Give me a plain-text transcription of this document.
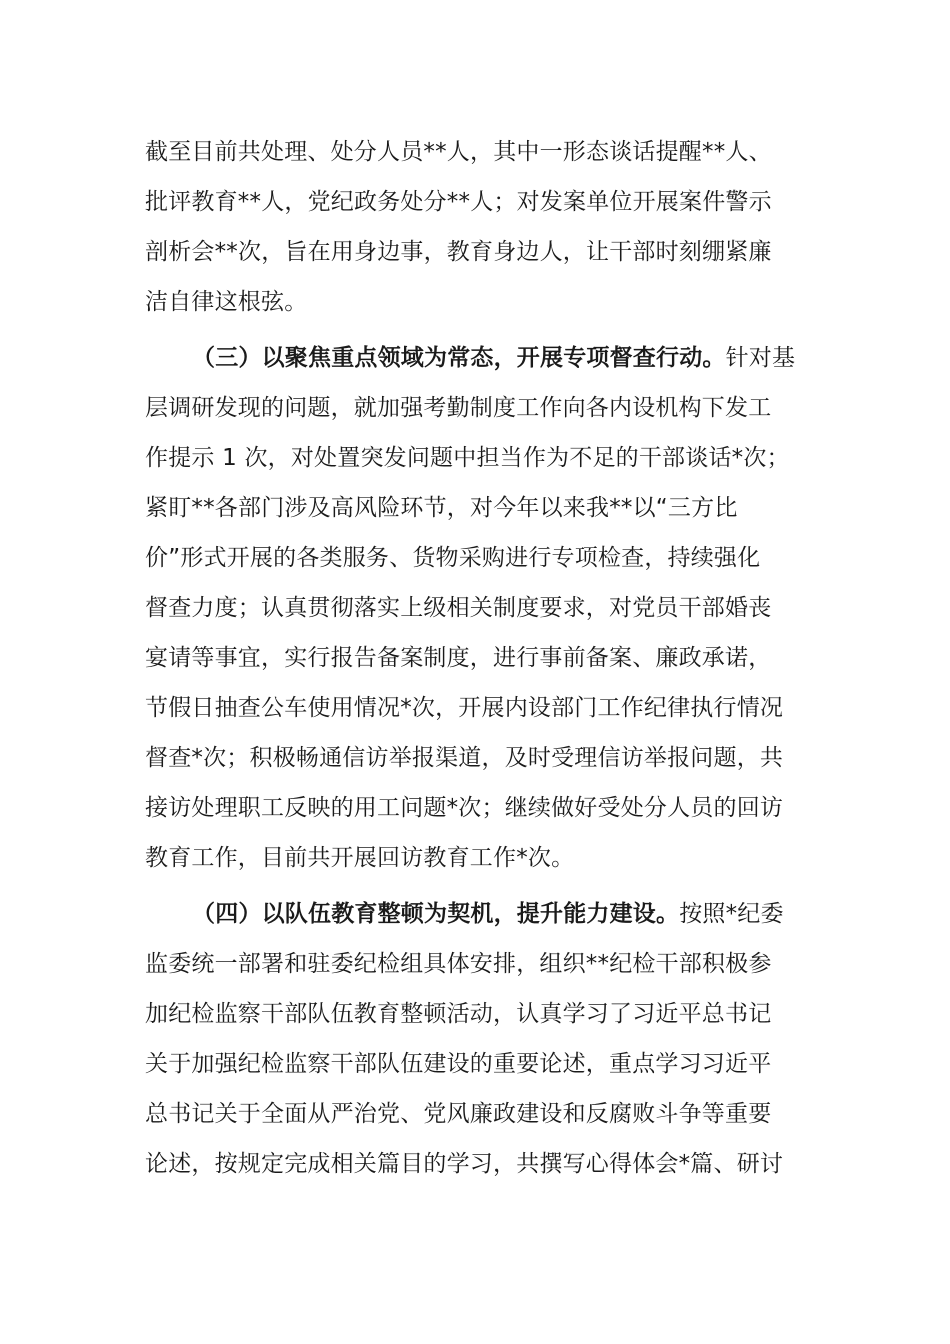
截至目前共处理、处分人员**人，其中一形态谈话提醒**人、
批评教育**人，党纪政务处分**人；对发案单位开展案件警示
剖析会**次，旨在用身边事，教育身边人，让干部时刻绷紧廉
洁自律这根弦。
（三）以聚焦重点领域为常态，开展专项督查行动。针对基
层调研发现的问题，就加强考勤制度工作向各内设机构下发工
作提示 1 次，对处置突发问题中担当作为不足的干部谈话*次；
紧盯**各部门涉及高风险环节，对今年以来我**以“三方比
价”形式开展的各类服务、货物采购进行专项检查，持续强化
督查力度；认真贯彻落实上级相关制度要求，对党员干部婚丧
宴请等事宜，实行报告备案制度，进行事前备案、廉政承诺，
节假日抽查公车使用情况*次，开展内设部门工作纪律执行情况
督查*次；积极畅通信访举报渠道，及时受理信访举报问题，共
接访处理职工反映的用工问题*次；继续做好受处分人员的回访
教育工作，目前共开展回访教育工作*次。
（四）以队伍教育整顿为契机，提升能力建设。按照*纪委
监委统一部署和驻委纪检组具体安排，组织**纪检干部积极参
加纪检监察干部队伍教育整顿活动，认真学习了习近平总书记
关于加强纪检监察干部队伍建设的重要论述，重点学习习近平
总书记关于全面从严治党、党风廉政建设和反腐败斗争等重要
论述，按规定完成相关篇目的学习，共撰写心得体会*篇、研讨
